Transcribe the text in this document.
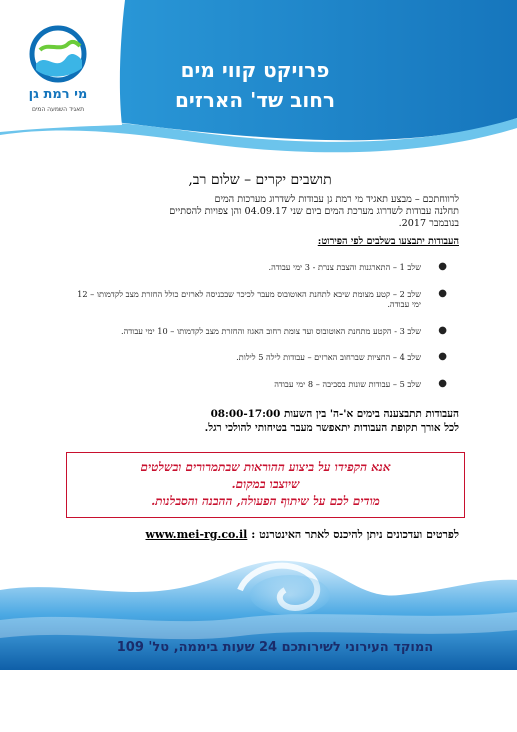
מי רמת גן
תאגיד השמעה המים
פרויקט קווי מים
רחוב שד' הארזים
תושבים יקרים – שלום רב,

לרווחתכם – מבצע תאגיד מי רמת גן עבודות לשדרוג מערכות המים

תחלנה עבודות לשדרוג מערכת המים ביום שני 04.09.17 והן צפויות להסתיים

בנובמבר 2017.

העבודות יתבצעו בשלבים לפי הפירוט:
●
שלב 1 – התארגנות והצבת צנרת - 3 ימי עבודה.
●
שלב 2 – קטע מצומת שיבא לתחנת האוטובוס מעבר לכיכר שבכניסה לארזים כולל החזרת מצב לקדמותו – 12 ימי עבודה.
●
שלב 3 - הקטע מתחנת האוטובוס ועד צומת רחוב האגוז והחזרת מצב לקדמותו – 10 ימי עבודה.
●
שלב 4 – החציות שברחוב הארזים – עבודות לילה 5 לילות.
●
שלב 5 – עבודות שונות בסביבה – 8 ימי עבודה

העבודות תתבצענה בימים א'-ה' בין השעות 08:00-17:00

לכל אורך תקופת העבודות יתאפשר מעבר בטיחותי להולכי רגל.

אנא הקפידו על ביצוע ההוראות שבתמרורים ובשלטים

שיוצבו במקום.

מודים לכם על שיתוף הפעולה, ההבנה והסבלנות.

לפרטים ועדכונים ניתן להיכנס לאתר האינטרנט : www.mei-rg.co.il
המוקד העירוני לשירותכם 24 שעות ביממה, טל' 109
